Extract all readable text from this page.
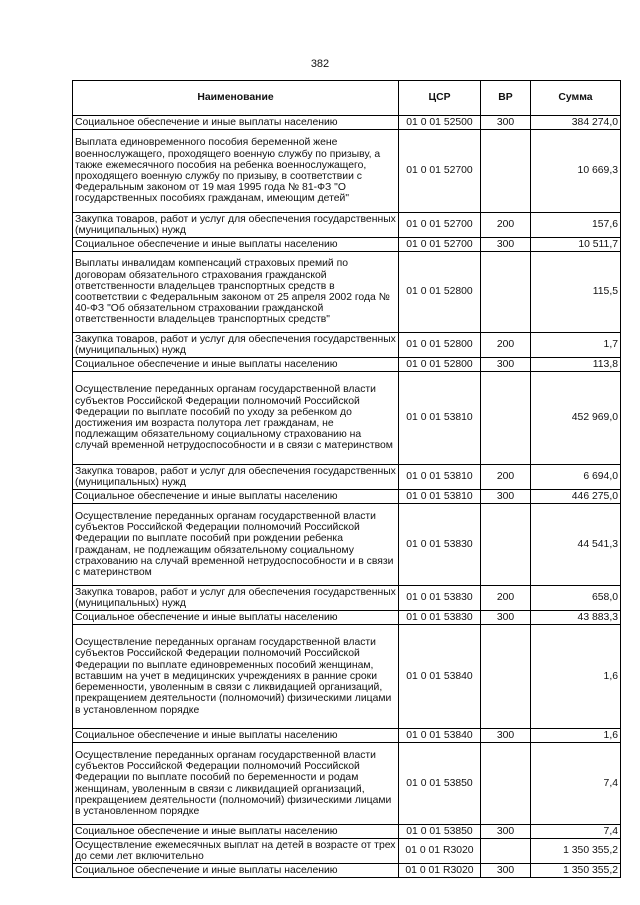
382
Наименование	ЦСР	ВР	Сумма
Социальное обеспечение и иные выплаты населению	01 0 01 52500	300	384 274,0
Выплата единовременного пособия беременной жене военнослужащего, проходящего военную службу по призыву, а также ежемесячного пособия на ребенка военнослужащего, проходящего военную службу по призыву, в соответствии с Федеральным законом от 19 мая 1995 года № 81-ФЗ "О государственных пособиях гражданам, имеющим детей"	01 0 01 52700		10 669,3
Закупка товаров, работ и услуг для обеспечения государственных (муниципальных) нужд	01 0 01 52700	200	157,6
Социальное обеспечение и иные выплаты населению	01 0 01 52700	300	10 511,7
Выплаты инвалидам компенсаций страховых премий по договорам обязательного страхования гражданской ответственности владельцев транспортных средств в соответствии с Федеральным законом от 25 апреля 2002 года № 40-ФЗ "Об обязательном страховании гражданской ответственности владельцев транспортных средств"	01 0 01 52800		115,5
Закупка товаров, работ и услуг для обеспечения государственных (муниципальных) нужд	01 0 01 52800	200	1,7
Социальное обеспечение и иные выплаты населению	01 0 01 52800	300	113,8
Осуществление переданных органам государственной власти субъектов Российской Федерации полномочий Российской Федерации по выплате пособий по уходу за ребенком до достижения им возраста полутора лет гражданам, не подлежащим обязательному социальному страхованию на случай временной нетрудоспособности и в связи с материнством	01 0 01 53810		452 969,0
Закупка товаров, работ и услуг для обеспечения государственных (муниципальных) нужд	01 0 01 53810	200	6 694,0
Социальное обеспечение и иные выплаты населению	01 0 01 53810	300	446 275,0
Осуществление переданных органам государственной власти субъектов Российской Федерации полномочий Российской Федерации по выплате пособий при рождении ребенка гражданам, не подлежащим обязательному социальному страхованию на случай временной нетрудоспособности и в связи с материнством	01 0 01 53830		44 541,3
Закупка товаров, работ и услуг для обеспечения государственных (муниципальных) нужд	01 0 01 53830	200	658,0
Социальное обеспечение и иные выплаты населению	01 0 01 53830	300	43 883,3
Осуществление переданных органам государственной власти субъектов Российской Федерации полномочий Российской Федерации по выплате единовременных пособий женщинам, вставшим на учет в медицинских учреждениях в ранние сроки беременности, уволенным в связи с ликвидацией организаций, прекращением деятельности (полномочий) физическими лицами в установленном порядке	01 0 01 53840		1,6
Социальное обеспечение и иные выплаты населению	01 0 01 53840	300	1,6
Осуществление переданных органам государственной власти субъектов Российской Федерации полномочий Российской Федерации по выплате пособий по беременности и родам женщинам, уволенным в связи с ликвидацией организаций, прекращением деятельности (полномочий) физическими лицами в установленном порядке	01 0 01 53850		7,4
Социальное обеспечение и иные выплаты населению	01 0 01 53850	300	7,4
Осуществление ежемесячных выплат на детей в возрасте от трех до семи лет включительно	01 0 01 R3020		1 350 355,2
Социальное обеспечение и иные выплаты населению	01 0 01 R3020	300	1 350 355,2
